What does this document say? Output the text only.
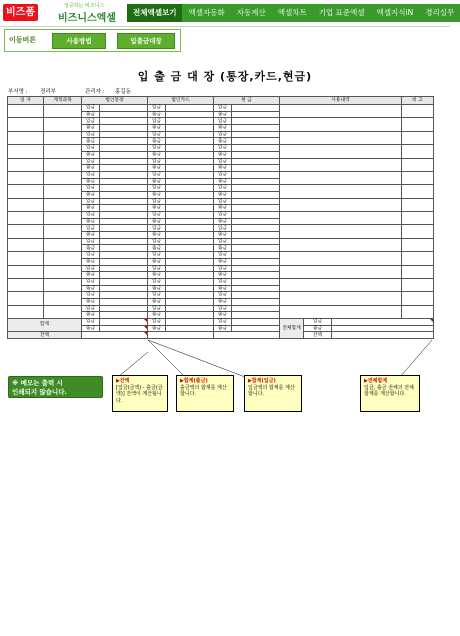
비즈폼
성공하는 비즈니스
비즈니스엑셀
전체엑셀보기	엑셀자동화	자동계산	엑셀차트	기업 표준엑셀	엑셀지식iN	경리실무
이동버튼	사용방법	입출금대장
입 출 금 대 장 (통장,카드,현금)
부서명 : 경리부	관리자 : 홍길동
일 자	계정과목	법인통장		법인카드		현 금		사용내역			비 고
		입금		입금		입금					
		출금		출금		출금					
		입금		입금		입금					
		출금		출금		출금					
		입금		입금		입금					
		출금		출금		출금					
		입금		입금		입금					
		출금		출금		출금					
		입금		입금		입금					
		출금		출금		출금					
		입금		입금		입금					
		출금		출금		출금					
		입금		입금		입금					
		출금		출금		출금					
		입금		입금		입금					
		출금		출금		출금					
		입금		입금		입금					
		출금		출금		출금					
		입금		입금		입금					
		출금		출금		출금					
		입금		입금		입금					
		출금		출금		출금					
		입금		입금		입금					
		출금		출금		출금					
		입금		입금		입금					
		출금		출금		출금					
		입금		입금		입금					
		출금		출금		출금					
		입금		입금		입금					
		출금		출금		출금					
		입금		입금		입금					
		출금		출금		출금					
합계		입금		입금		입금		전체합계	입금		
		출금		출금		출금			출금		
잔액									잔액		
※ 메모는 출력 시
인쇄되지 않습니다.
▶잔액
[입금(금액) - 출금(금액)] 잔액이 계산됩니다.
▶합계(출금)
출금액의 합계를 계산합니다.
▶합계(입금)
입금액의 합계를 계산합니다.
▶전체합계
입금, 출금 전체의 전체합계를 계산합니다.
